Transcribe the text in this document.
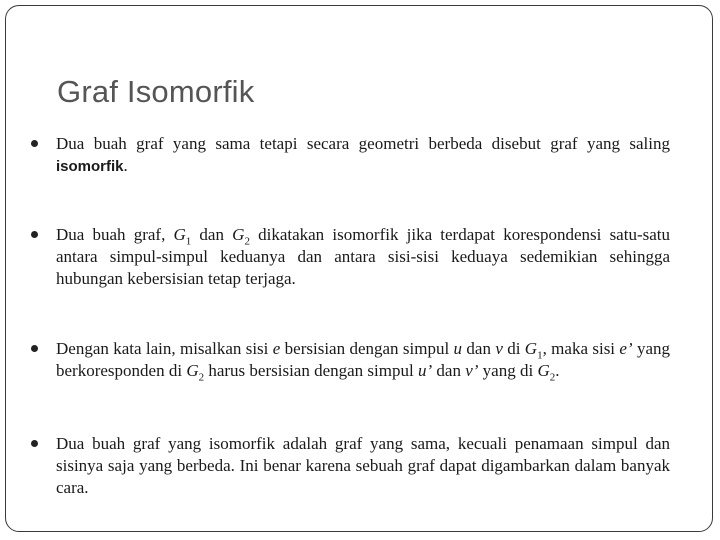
Graf Isomorfik

Dua buah graf yang sama tetapi secara geometri berbeda disebut graf yang saling isomorfik.

Dua buah graf, $G_1$ dan $G_2$ dikatakan isomorfik jika terdapat korespondensi satu-satu antara simpul-simpul keduanya dan antara sisi-sisi keduaya sedemikian sehingga hubungan kebersisian tetap terjaga.

Dengan kata lain, misalkan sisi e bersisian dengan simpul u dan v di $G_1$, maka sisi e’ yang berkoresponden di $G_2$ harus bersisian dengan simpul u’ dan v’ yang di $G_2$.

Dua buah graf yang isomorfik adalah graf yang sama, kecuali penamaan simpul dan sisinya saja yang berbeda. Ini benar karena sebuah graf dapat digambarkan dalam banyak cara.
